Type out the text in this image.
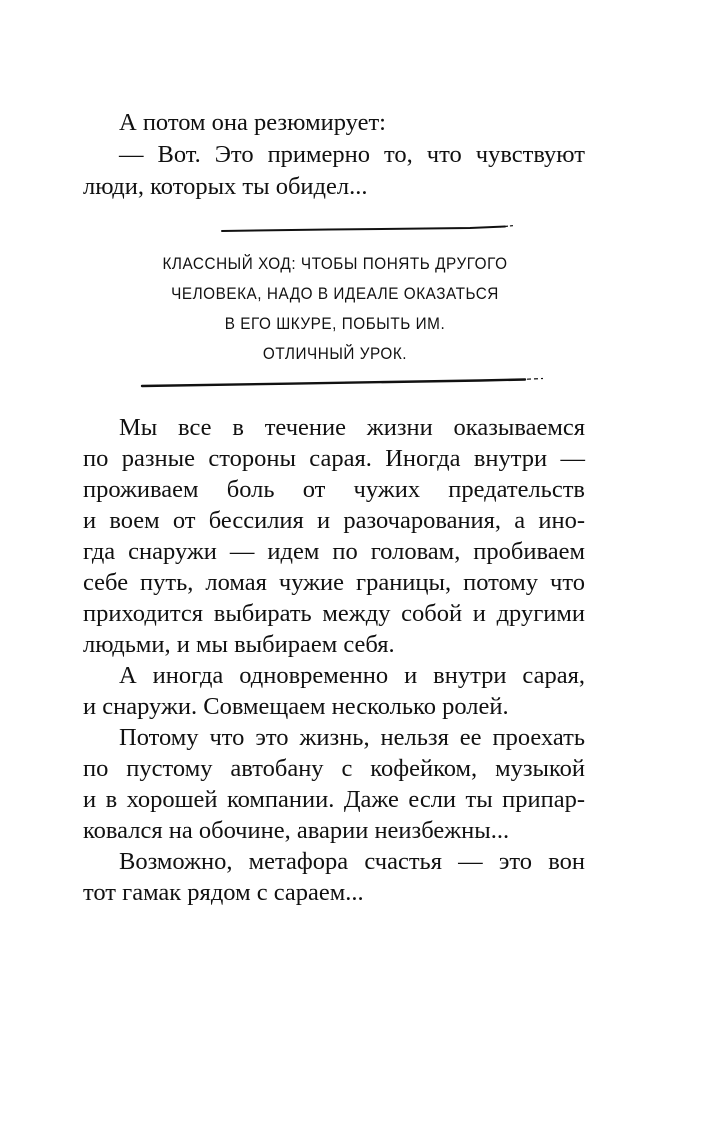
А потом она резюмирует:
— Вот. Это примерно то, что чувствуют
люди, которых ты обидел...
КЛАССНЫЙ ХОД: ЧТОБЫ ПОНЯТЬ ДРУГОГО
ЧЕЛОВЕКА, НАДО В ИДЕАЛЕ ОКАЗАТЬСЯ
В ЕГО ШКУРЕ, ПОБЫТЬ ИМ.
ОТЛИЧНЫЙ УРОК.
Мы все в течение жизни оказываемся
по разные стороны сарая. Иногда внутри —
проживаем боль от чужих предательств
и воем от бессилия и разочарования, а ино-
гда снаружи — идем по головам, пробиваем
себе путь, ломая чужие границы, потому что
приходится выбирать между собой и другими
людьми, и мы выбираем себя.
А иногда одновременно и внутри сарая,
и снаружи. Совмещаем несколько ролей.
Потому что это жизнь, нельзя ее проехать
по пустому автобану с кофейком, музыкой
и в хорошей компании. Даже если ты припар-
ковался на обочине, аварии неизбежны...
Возможно, метафора счастья — это вон
тот гамак рядом с сараем...
